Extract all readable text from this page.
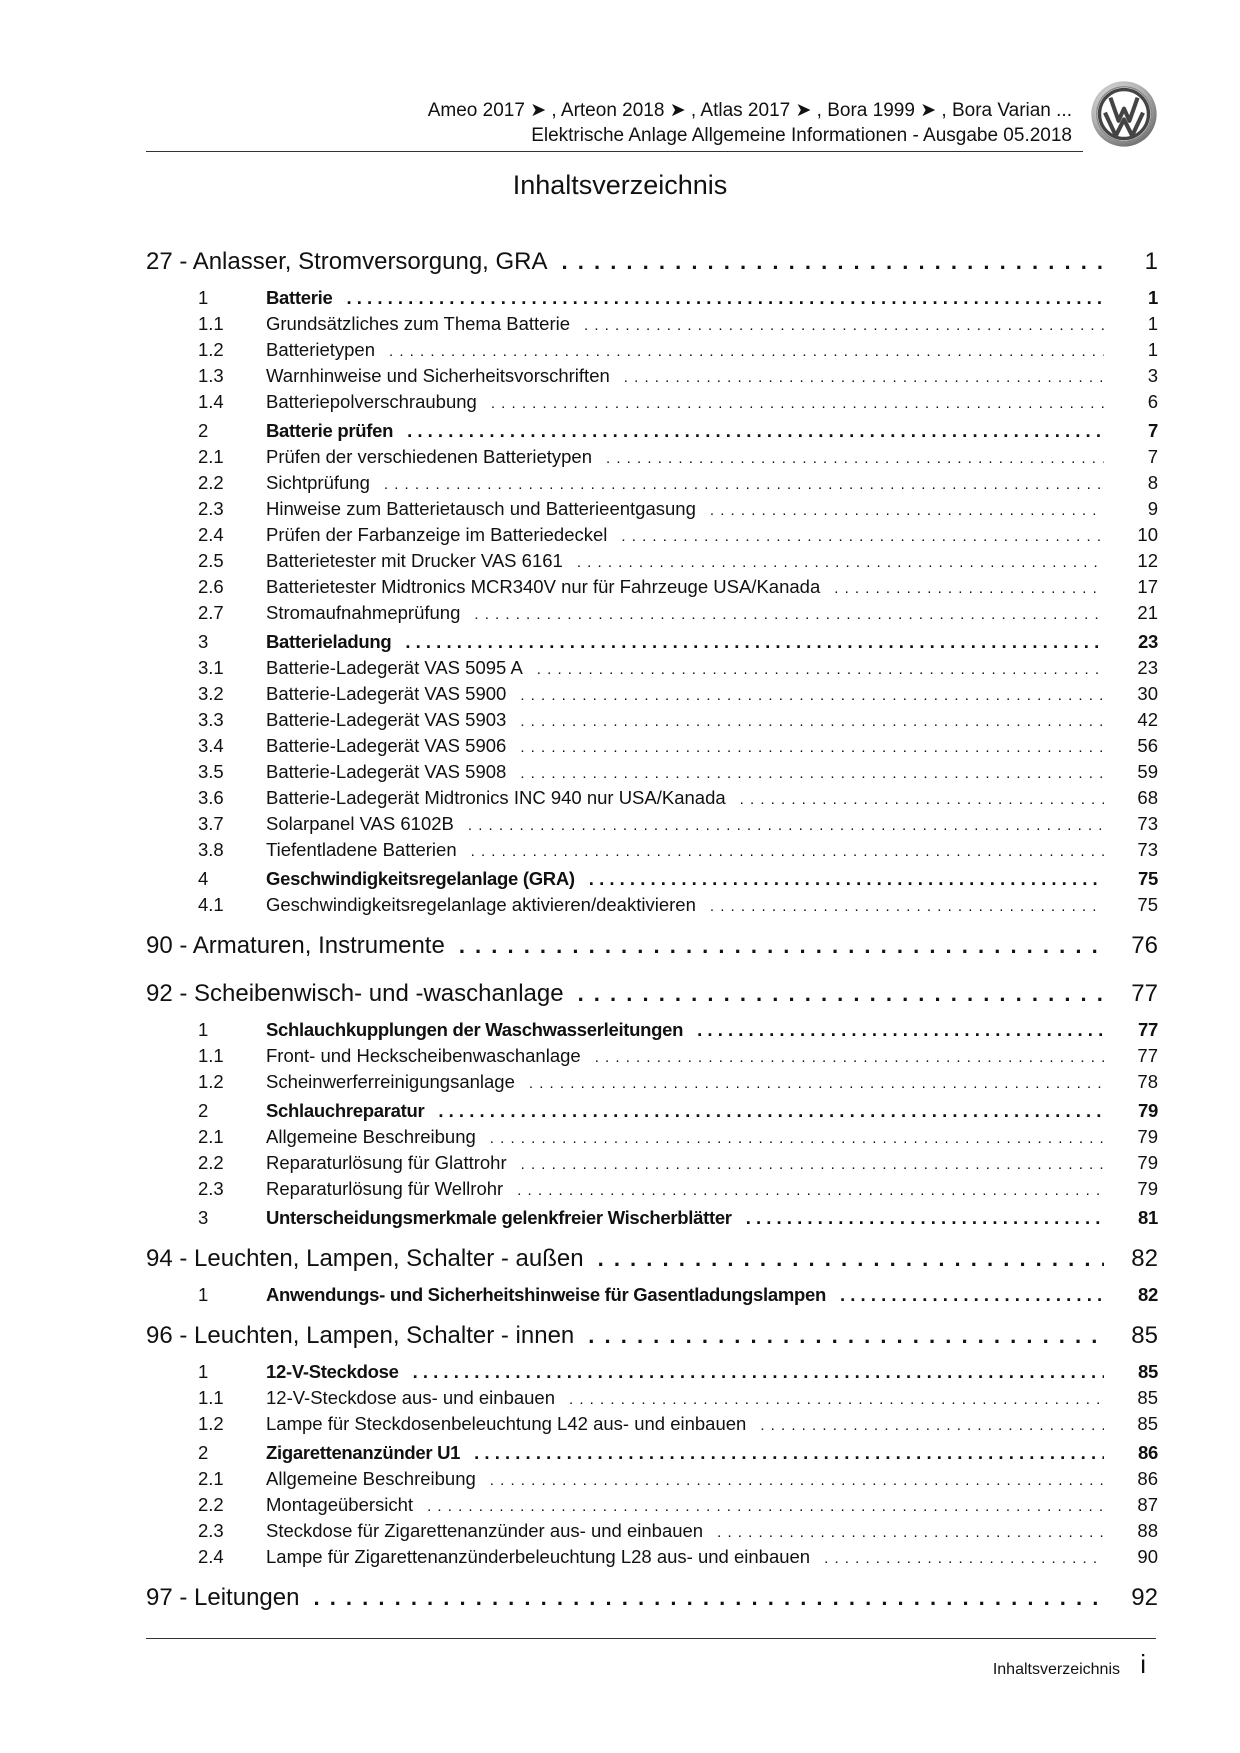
Ameo 2017 ➤ , Arteon 2018 ➤ , Atlas 2017 ➤ , Bora 1999 ➤ , Bora Varian ...
Elektrische Anlage Allgemeine Informationen - Ausgabe 05.2018
Inhaltsverzeichnis
27 - Anlasser, Stromversorgung, GRA . . .	1
1	Batterie . . .	1
1.1	Grundsätzliches zum Thema Batterie . . .	1
1.2	Batterietypen . . .	1
1.3	Warnhinweise und Sicherheitsvorschriften . . .	3
1.4	Batteriepolverschraubung . . .	6
2	Batterie prüfen . . .	7
2.1	Prüfen der verschiedenen Batterietypen . . .	7
2.2	Sichtprüfung . . .	8
2.3	Hinweise zum Batterietausch und Batterieentgasung . . .	9
2.4	Prüfen der Farbanzeige im Batteriedeckel . . .	10
2.5	Batterietester mit Drucker VAS 6161 . . .	12
2.6	Batterietester Midtronics MCR340V nur für Fahrzeuge USA/Kanada . . .	17
2.7	Stromaufnahmeprüfung . . .	21
3	Batterieladung . . .	23
3.1	Batterie-Ladegerät VAS 5095 A . . .	23
3.2	Batterie-Ladegerät VAS 5900 . . .	30
3.3	Batterie-Ladegerät VAS 5903 . . .	42
3.4	Batterie-Ladegerät VAS 5906 . . .	56
3.5	Batterie-Ladegerät VAS 5908 . . .	59
3.6	Batterie-Ladegerät Midtronics INC 940 nur USA/Kanada . . .	68
3.7	Solarpanel VAS 6102B . . .	73
3.8	Tiefentladene Batterien . . .	73
4	Geschwindigkeitsregelanlage (GRA) . . .	75
4.1	Geschwindigkeitsregelanlage aktivieren/deaktivieren . . .	75
90 - Armaturen, Instrumente . . .	76
92 - Scheibenwisch- und -waschanlage . . .	77
1	Schlauchkupplungen der Waschwasserleitungen . . .	77
1.1	Front- und Heckscheibenwaschanlage . . .	77
1.2	Scheinwerferreinigungsanlage . . .	78
2	Schlauchreparatur . . .	79
2.1	Allgemeine Beschreibung . . .	79
2.2	Reparaturlösung für Glattrohr . . .	79
2.3	Reparaturlösung für Wellrohr . . .	79
3	Unterscheidungsmerkmale gelenkfreier Wischerblätter . . .	81
94 - Leuchten, Lampen, Schalter - außen . . .	82
1	Anwendungs- und Sicherheitshinweise für Gasentladungslampen . . .	82
96 - Leuchten, Lampen, Schalter - innen . . .	85
1	12-V-Steckdose . . .	85
1.1	12-V-Steckdose aus- und einbauen . . .	85
1.2	Lampe für Steckdosenbeleuchtung L42 aus- und einbauen . . .	85
2	Zigarettenanzünder U1 . . .	86
2.1	Allgemeine Beschreibung . . .	86
2.2	Montageübersicht . . .	87
2.3	Steckdose für Zigarettenanzünder aus- und einbauen . . .	88
2.4	Lampe für Zigarettenanzünderbeleuchtung L28 aus- und einbauen . . .	90
97 - Leitungen . . .	92
Inhaltsverzeichnis i
